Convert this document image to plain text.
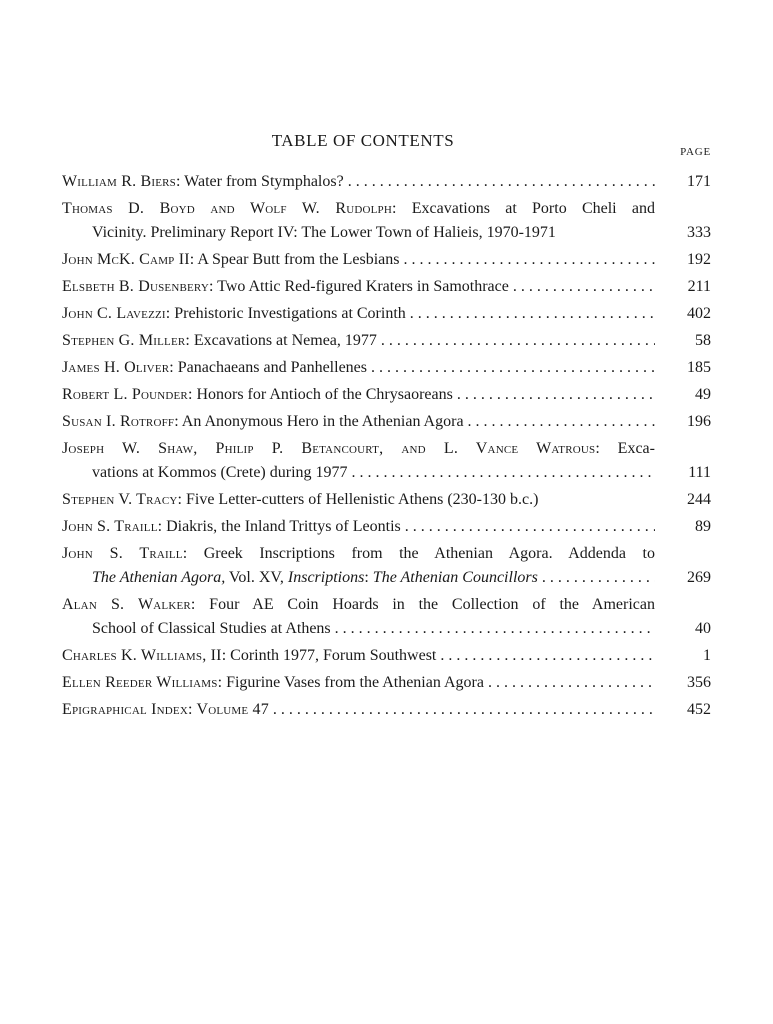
TABLE OF CONTENTS
PAGE
William R. Biers: Water from Stymphalos? . . .	171
Thomas D. Boyd and Wolf W. Rudolph: Excavations at Porto Cheli and
Vicinity. Preliminary Report IV: The Lower Town of Halieis, 1970-1971	333
John McK. Camp II: A Spear Butt from the Lesbians . . .	192
Elsbeth B. Dusenbery: Two Attic Red-figured Kraters in Samothrace . . .	211
John C. Lavezzi: Prehistoric Investigations at Corinth . . .	402
Stephen G. Miller: Excavations at Nemea, 1977 . . .	58
James H. Oliver: Panachaeans and Panhellenes . . .	185
Robert L. Pounder: Honors for Antioch of the Chrysaoreans . . .	49
Susan I. Rotroff: An Anonymous Hero in the Athenian Agora . . .	196
Joseph W. Shaw, Philip P. Betancourt, and L. Vance Watrous: Exca-
vations at Kommos (Crete) during 1977 . . .	111
Stephen V. Tracy: Five Letter-cutters of Hellenistic Athens (230-130 b.c.)	244
John S. Traill: Diakris, the Inland Trittys of Leontis . . .	89
John S. Traill: Greek Inscriptions from the Athenian Agora. Addenda to
The Athenian Agora, Vol. XV, Inscriptions: The Athenian Councillors . . .	269
Alan S. Walker: Four AE Coin Hoards in the Collection of the American
School of Classical Studies at Athens . . .	40
Charles K. Williams, II: Corinth 1977, Forum Southwest . . .	1
Ellen Reeder Williams: Figurine Vases from the Athenian Agora . . .	356
Epigraphical Index: Volume 47 . . .	452
